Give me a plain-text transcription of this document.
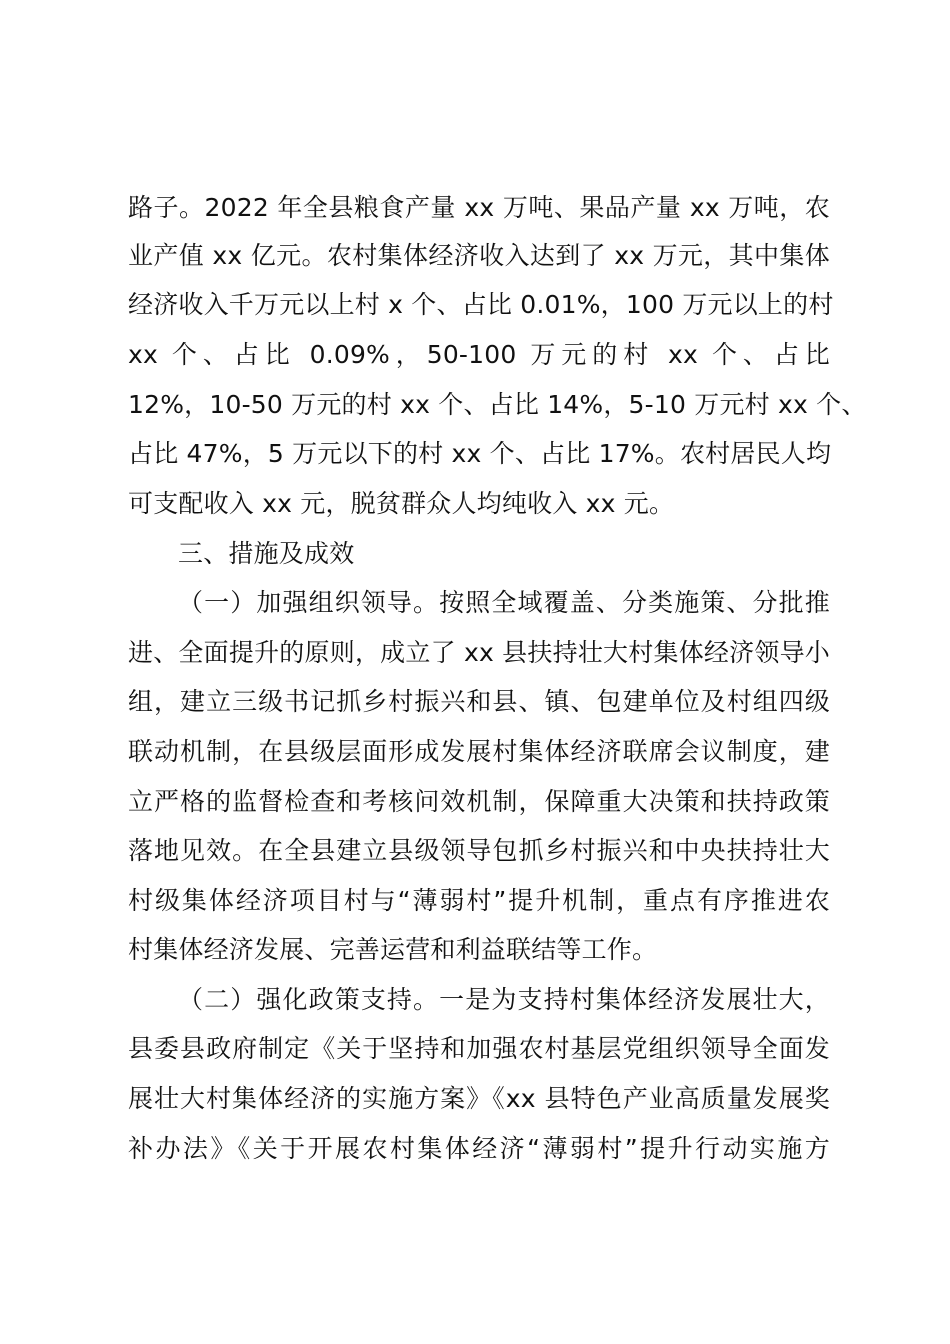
路子。2022 年全县粮食产量 xx 万吨、果品产量 xx 万吨，农
业产值 xx 亿元。农村集体经济收入达到了 xx 万元，其中集体
经济收入千万元以上村 x 个、占比 0.01%，100 万元以上的村
xx 个、占比 0.09%，50-100 万元的村 xx 个、占比
12%，10-50 万元的村 xx 个、占比 14%，5-10 万元村 xx 个、
占比 47%，5 万元以下的村 xx 个、占比 17%。农村居民人均
可支配收入 xx 元，脱贫群众人均纯收入 xx 元。
三、措施及成效
（一）加强组织领导。按照全域覆盖、分类施策、分批推
进、全面提升的原则，成立了 xx 县扶持壮大村集体经济领导小
组，建立三级书记抓乡村振兴和县、镇、包建单位及村组四级
联动机制，在县级层面形成发展村集体经济联席会议制度，建
立严格的监督检查和考核问效机制，保障重大决策和扶持政策
落地见效。在全县建立县级领导包抓乡村振兴和中央扶持壮大
村级集体经济项目村与“薄弱村”提升机制，重点有序推进农
村集体经济发展、完善运营和利益联结等工作。
（二）强化政策支持。一是为支持村集体经济发展壮大，
县委县政府制定《关于坚持和加强农村基层党组织领导全面发
展壮大村集体经济的实施方案》《xx 县特色产业高质量发展奖
补办法》《关于开展农村集体经济“薄弱村”提升行动实施方
